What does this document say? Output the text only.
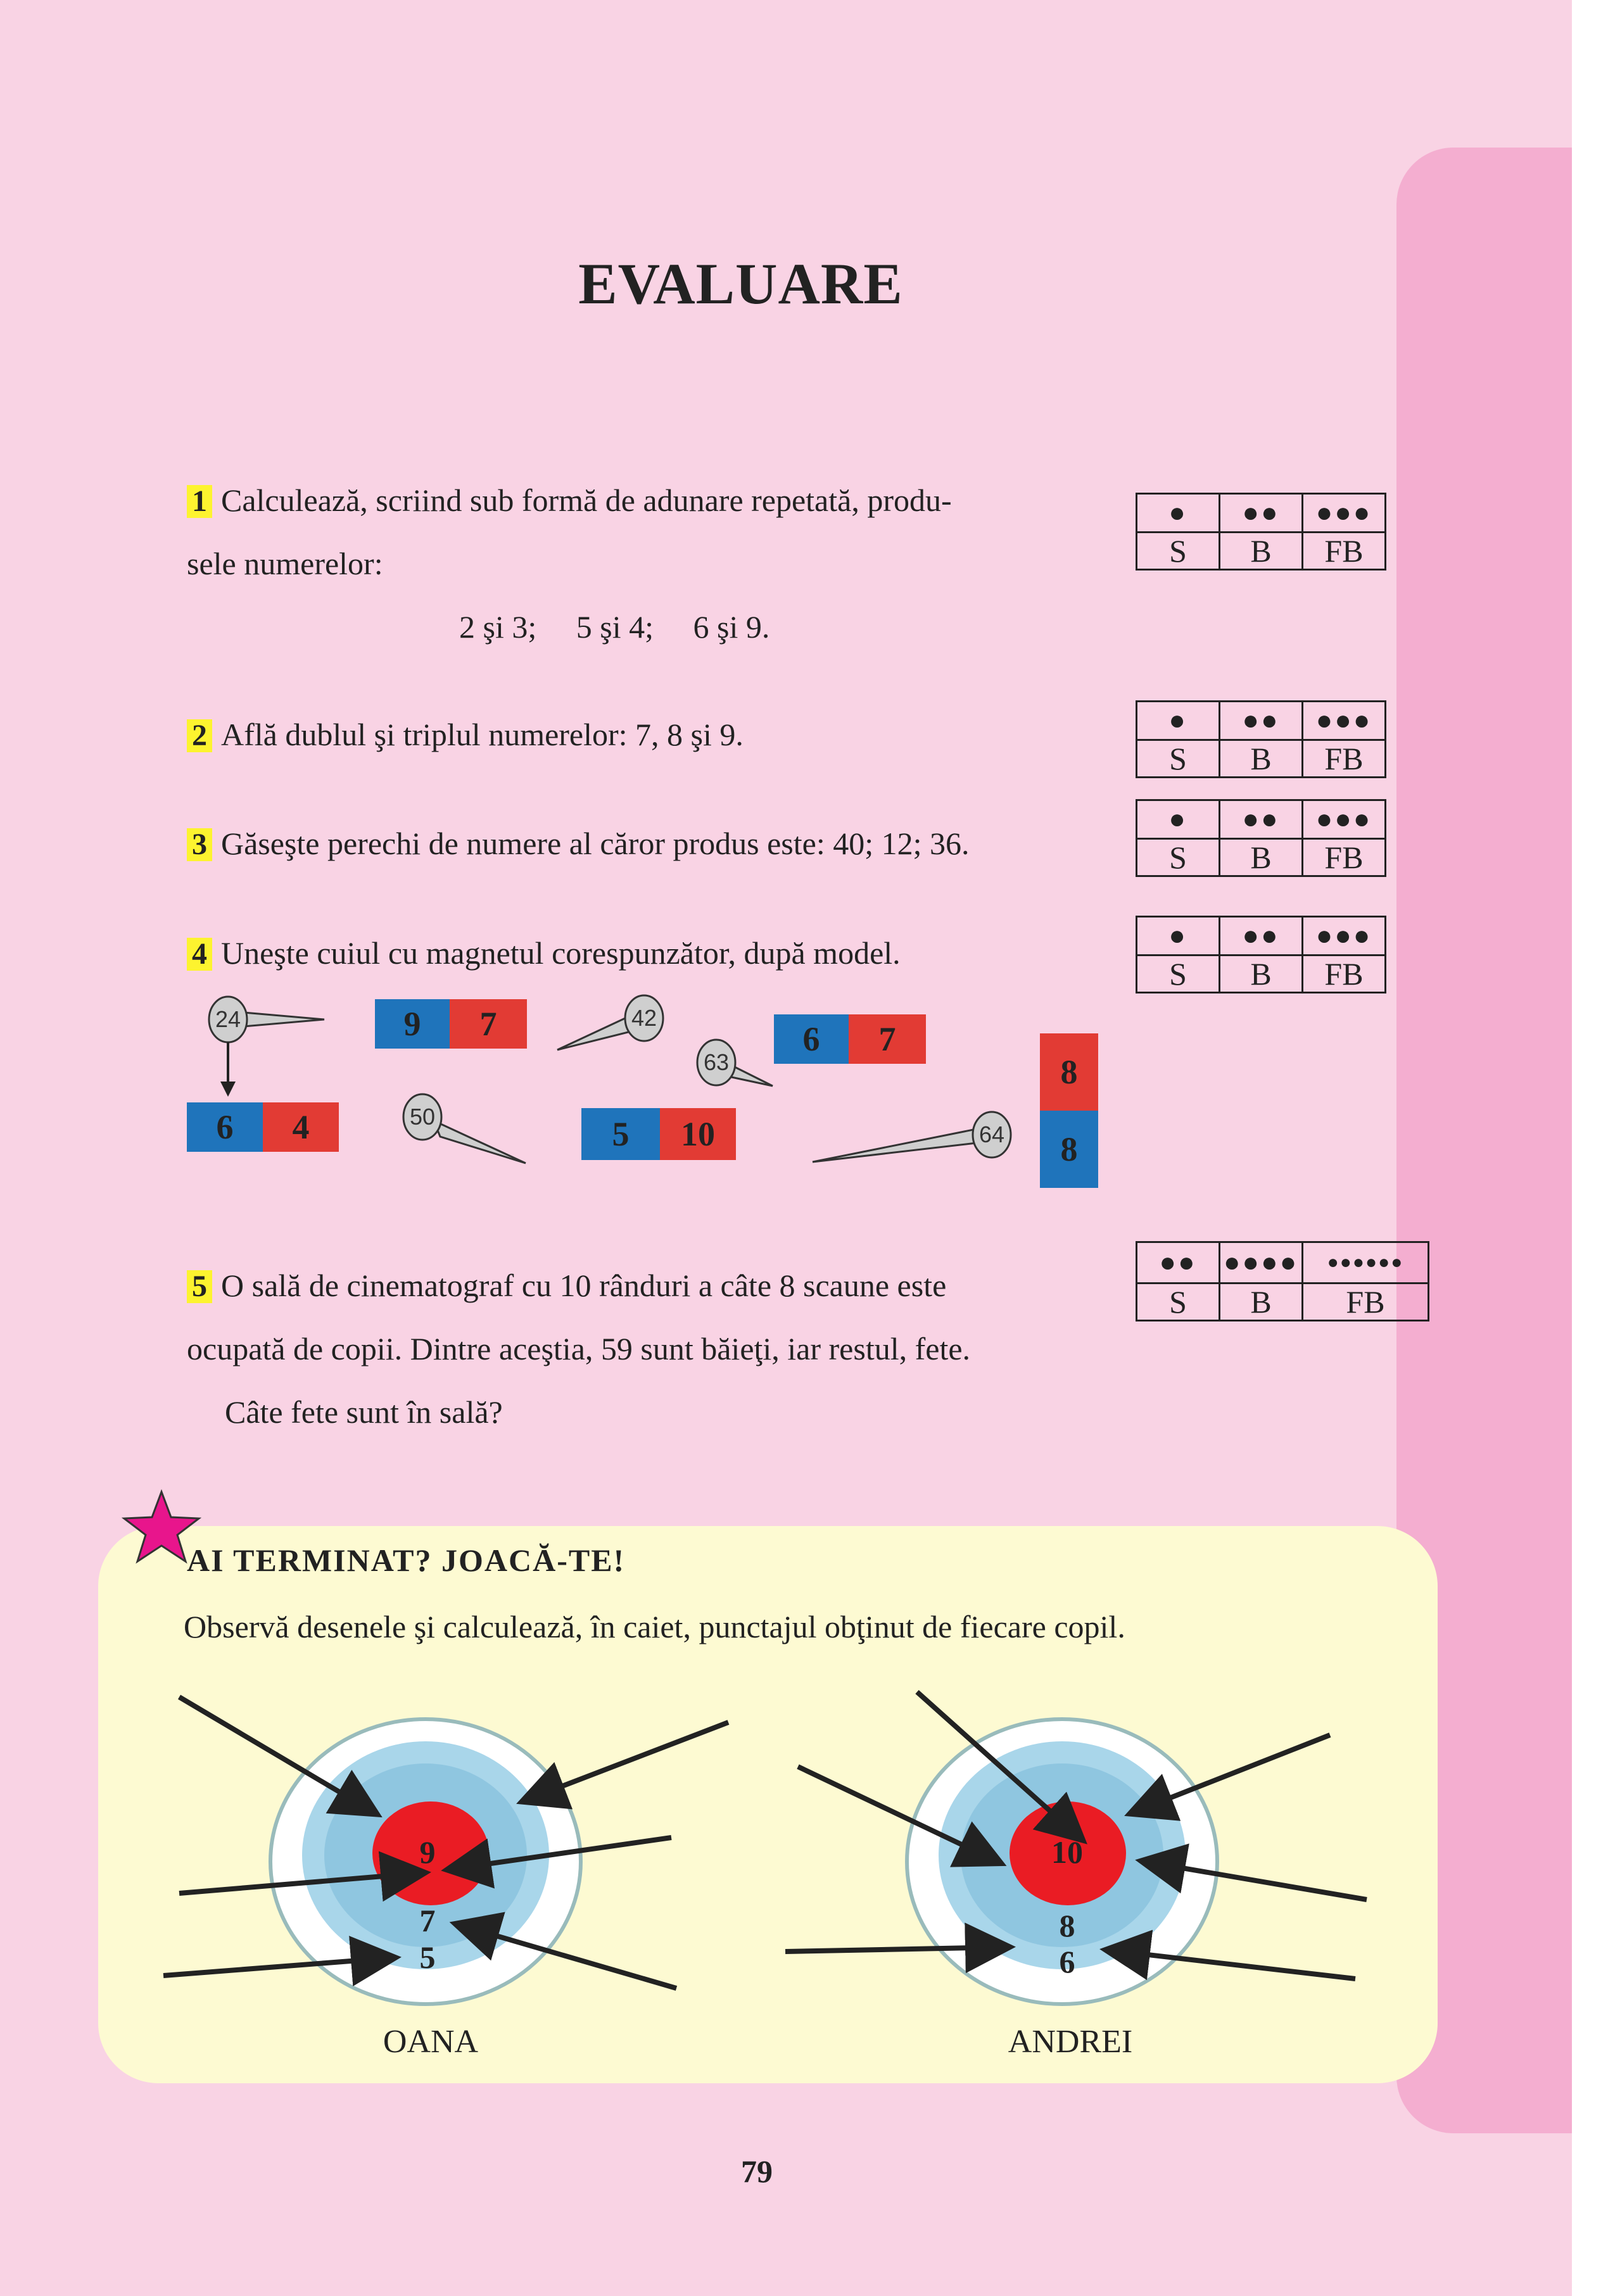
EVALUARE
1 Calculează, scriind sub formă de adunare repetată, produ-
sele numerelor:
2 şi 3;     5 şi 4;     6 şi 9.
●	●●	●●●
S	B	FB
2 Află dublul şi triplul numerelor: 7, 8 şi 9.	●	●●	●●●
S	B	FB
3 Găseşte perechi de numere al căror produs este: 40; 12; 36.
●	●●	●●●
S	B	FB
4 Uneşte cuiul cu magnetul corespunzător, după model.	●	●●	●●●
S	B	FB
24	42
63
50
64
9	7	6	7
6	4	5	10
8
8
5 O sală de cinematograf cu 10 rânduri a câte 8 scaune este
ocupată de copii. Dintre aceştia, 59 sunt băieţi, iar restul, fete.
Câte fete sunt în sală?
●●	●●●●	●●●●●●
S	B	FB
AI TERMINAT? JOACĂ-TE!
Observă desenele şi calculează, în caiet, punctajul obţinut de fiecare copil.
9
7
5
10
8
6
OANA	ANDREI
79
